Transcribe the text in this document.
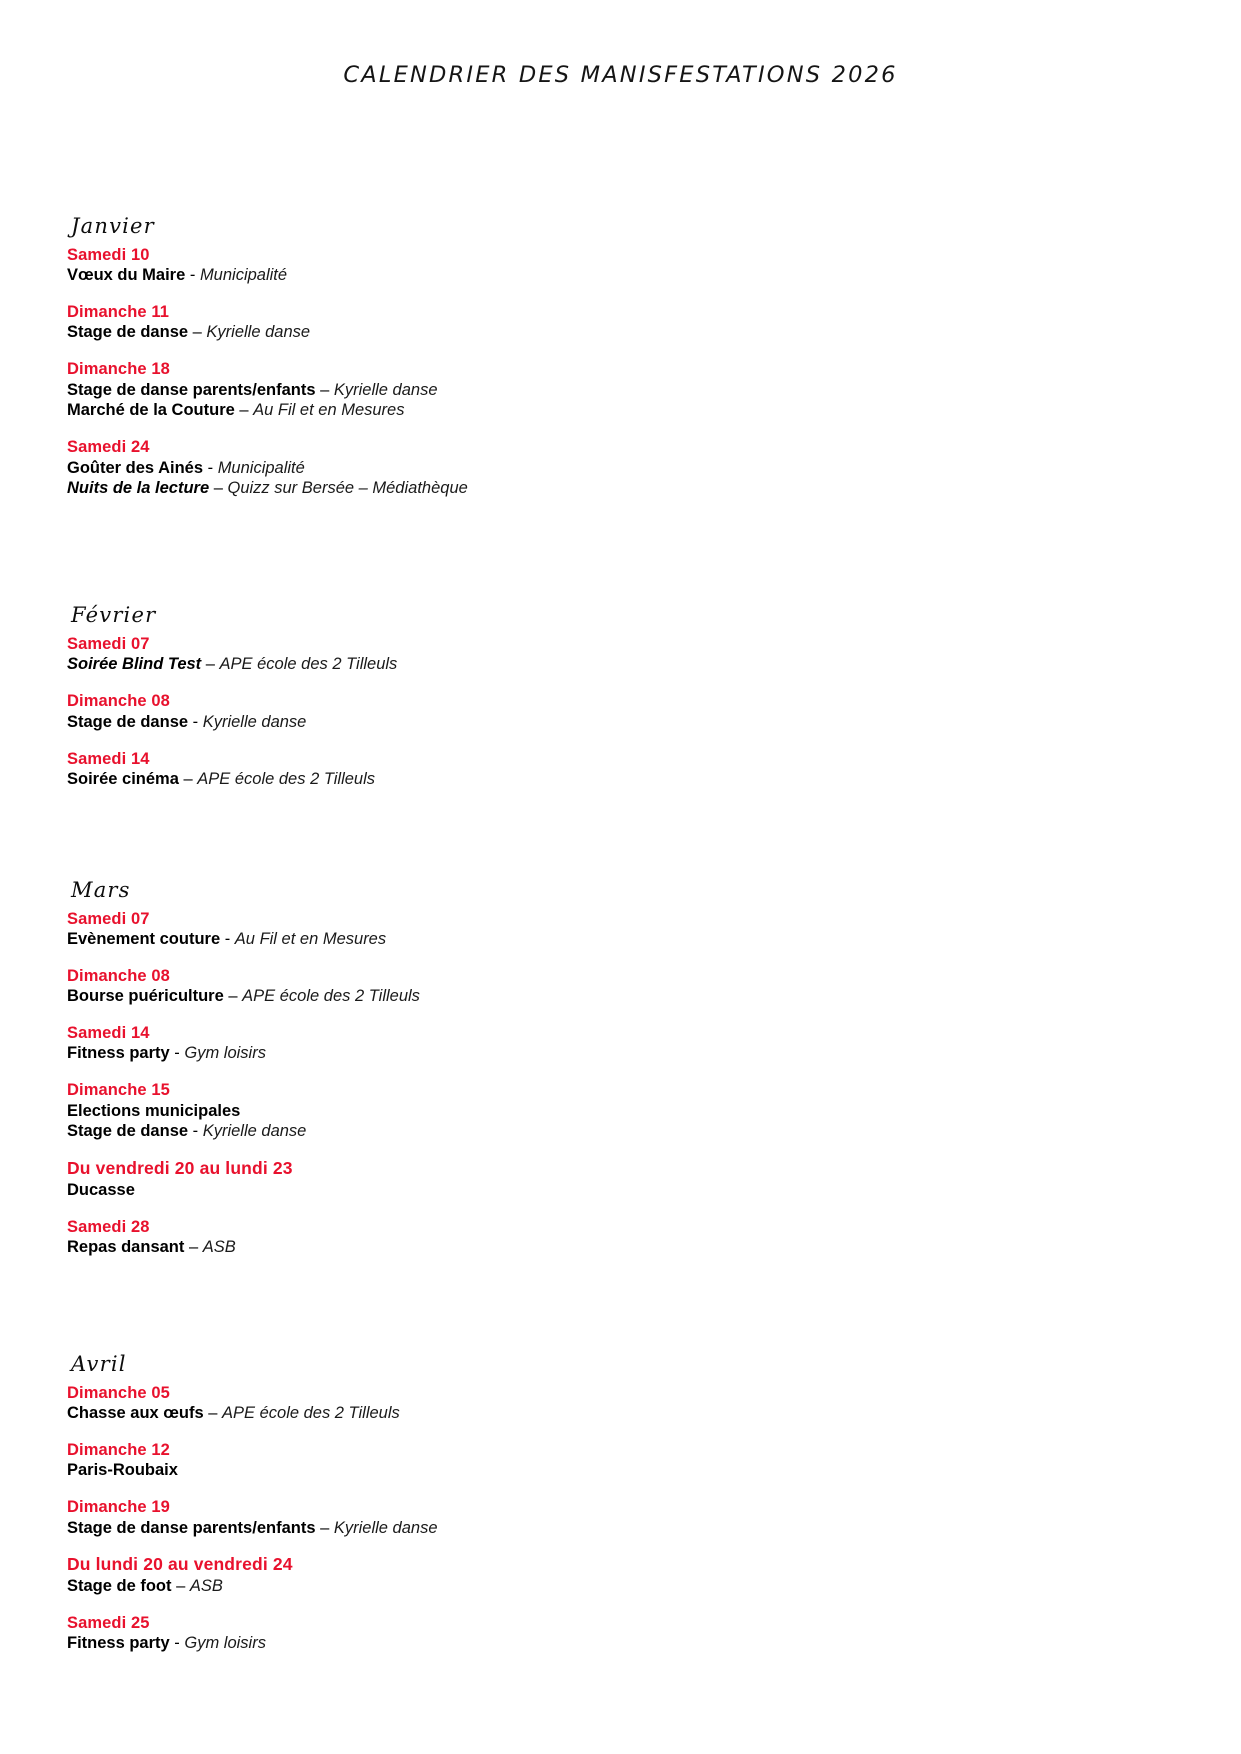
CALENDRIER DES MANISFESTATIONS 2026
Janvier
Samedi 10
Vœux du Maire - Municipalité
Dimanche 11
Stage de danse – Kyrielle danse
Dimanche 18
Stage de danse parents/enfants – Kyrielle danse
Marché de la Couture – Au Fil et en Mesures
Samedi 24
Goûter des Ainés - Municipalité
Nuits de la lecture – Quizz sur Bersée – Médiathèque
Février
Samedi 07
Soirée Blind Test – APE école des 2 Tilleuls
Dimanche 08
Stage de danse - Kyrielle danse
Samedi 14
Soirée cinéma – APE école des 2 Tilleuls
Mars
Samedi 07
Evènement couture - Au Fil et en Mesures
Dimanche 08
Bourse puériculture – APE école des 2 Tilleuls
Samedi 14
Fitness party - Gym loisirs
Dimanche 15
Elections municipales
Stage de danse - Kyrielle danse
Du vendredi 20 au lundi 23
Ducasse
Samedi 28
Repas dansant – ASB
Avril
Dimanche 05
Chasse aux œufs – APE école des 2 Tilleuls
Dimanche 12
Paris-Roubaix
Dimanche 19
Stage de danse parents/enfants – Kyrielle danse
Du lundi 20 au vendredi 24
Stage de foot – ASB
Samedi 25
Fitness party - Gym loisirs
